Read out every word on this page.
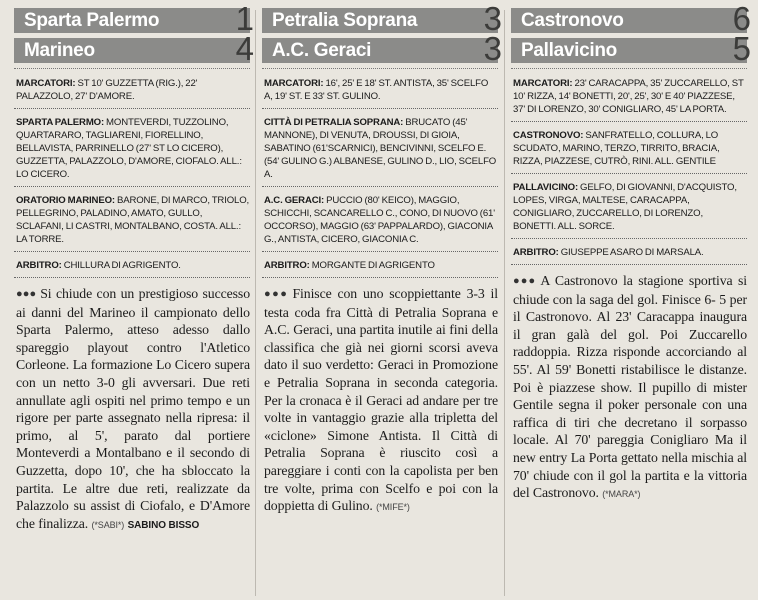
Sparta Palermo 1
Marineo	4

MARCATORI: ST 10' GUZZETTA (RIG.), 22' PALAZZOLO, 27' D'AMORE.

SPARTA PALERMO: MONTEVERDI, TUZZOLINO, QUARTARARO, TAGLIARENI, FIORELLINO, BELLAVISTA, PARRINELLO (27' ST LO CICERO), GUZZETTA, PALAZZOLO, D'AMORE, CIOFALO. ALL.: LO CICERO.

ORATORIO MARINEO: BARONE, DI MARCO, TRIOLO, PELLEGRINO, PALADINO, AMATO, GULLO, SCLAFANI, LI CASTRI, MONTALBANO, COSTA. ALL.: LA TORRE.

ARBITRO: CHILLURA DI AGRIGENTO.

●●● Si chiude con un prestigioso successo ai danni del Marineo il campionato dello Sparta Palermo, atteso adesso dallo spareggio playout contro l'Atletico Corleone. La formazione Lo Cicero supera con un netto 3-0 gli avversari. Due reti annullate agli ospiti nel primo tempo e un rigore per parte assegnato nella ripresa: il primo, al 5', parato dal portiere Monteverdi a Montalbano e il secondo di Guzzetta, dopo 10', che ha sbloccato la partita. Le altre due reti, realizzate da Palazzolo su assist di Ciofalo, e D'Amore che finalizza. (*SABI*) SABINO BISSO

Petralia Soprana 3
A.C. Geraci	3

MARCATORI: 16', 25' E 18' ST. ANTISTA, 35' SCELFO A, 19' ST. E 33' ST. GULINO.

CITTÀ DI PETRALIA SOPRANA: BRUCATO (45' MANNONE), DI VENUTA, DROUSSI, DI GIOIA, SABATINO (61'SCARNICI), BENCIVINNI, SCELFO E. (54' GULINO G.) ALBANESE, GULINO D., LIO, SCELFO A.

A.C. GERACI: PUCCIO (80' KEICO), MAGGIO, SCHICCHI, SCANCARELLO C., CONO, DI NUOVO (61' OCCORSO), MAGGIO (63' PAPPALARDO), GIACONIA G., ANTISTA, CICERO, GIACONIA C.

ARBITRO: MORGANTE DI AGRIGENTO

●●● Finisce con uno scoppiettante 3-3 il testa coda fra Città di Petralia Soprana e A.C. Geraci, una partita inutile ai fini della classifica che già nei giorni scorsi aveva dato il suo verdetto: Geraci in Promozione e Petralia Soprana in seconda categoria. Per la cronaca è il Geraci ad andare per tre volte in vantaggio grazie alla tripletta del «ciclone» Simone Antista. Il Città di Petralia Soprana è riuscito così a pareggiare i conti con la capolista per ben tre volte, prima con Scelfo e poi con la doppietta di Gulino. (*MIFE*)

Castronovo	6
Pallavicino	5

MARCATORI: 23' CARACAPPA, 35' ZUCCARELLO, ST 10' RIZZA, 14' BONETTI, 20', 25', 30' E 40' PIAZZESE, 37' DI LORENZO, 30' CONIGLIARO, 45' LA PORTA.

CASTRONOVO: SANFRATELLO, COLLURA, LO SCUDATO, MARINO, TERZO, TIRRITO, BRACIA, RIZZA, PIAZZESE, CUTRÒ, RINI. ALL. GENTILE

PALLAVICINO: GELFO, DI GIOVANNI, D'ACQUISTO, LOPES, VIRGA, MALTESE, CARACAPPA, CONIGLIARO, ZUCCARELLO, DI LORENZO, BONETTI. ALL. SORCE.

ARBITRO: GIUSEPPE ASARO DI MARSALA.

●●● A Castronovo la stagione sportiva si chiude con la saga del gol. Finisce 6- 5 per il Castronovo. Al 23' Caracappa inaugura il gran galà del gol. Poi Zuccarello raddoppia. Rizza risponde accorciando al 55'. Al 59' Bonetti ristabilisce le distanze. Poi è piazzese show. Il pupillo di mister Gentile segna il poker personale con una raffica di tiri che decretano il sorpasso locale. Al 70' pareggia Conigliaro Ma il new entry La Porta gettato nella mischia al 70' chiude con il gol la partita e la vittoria del Castronovo. (*MARA*)
